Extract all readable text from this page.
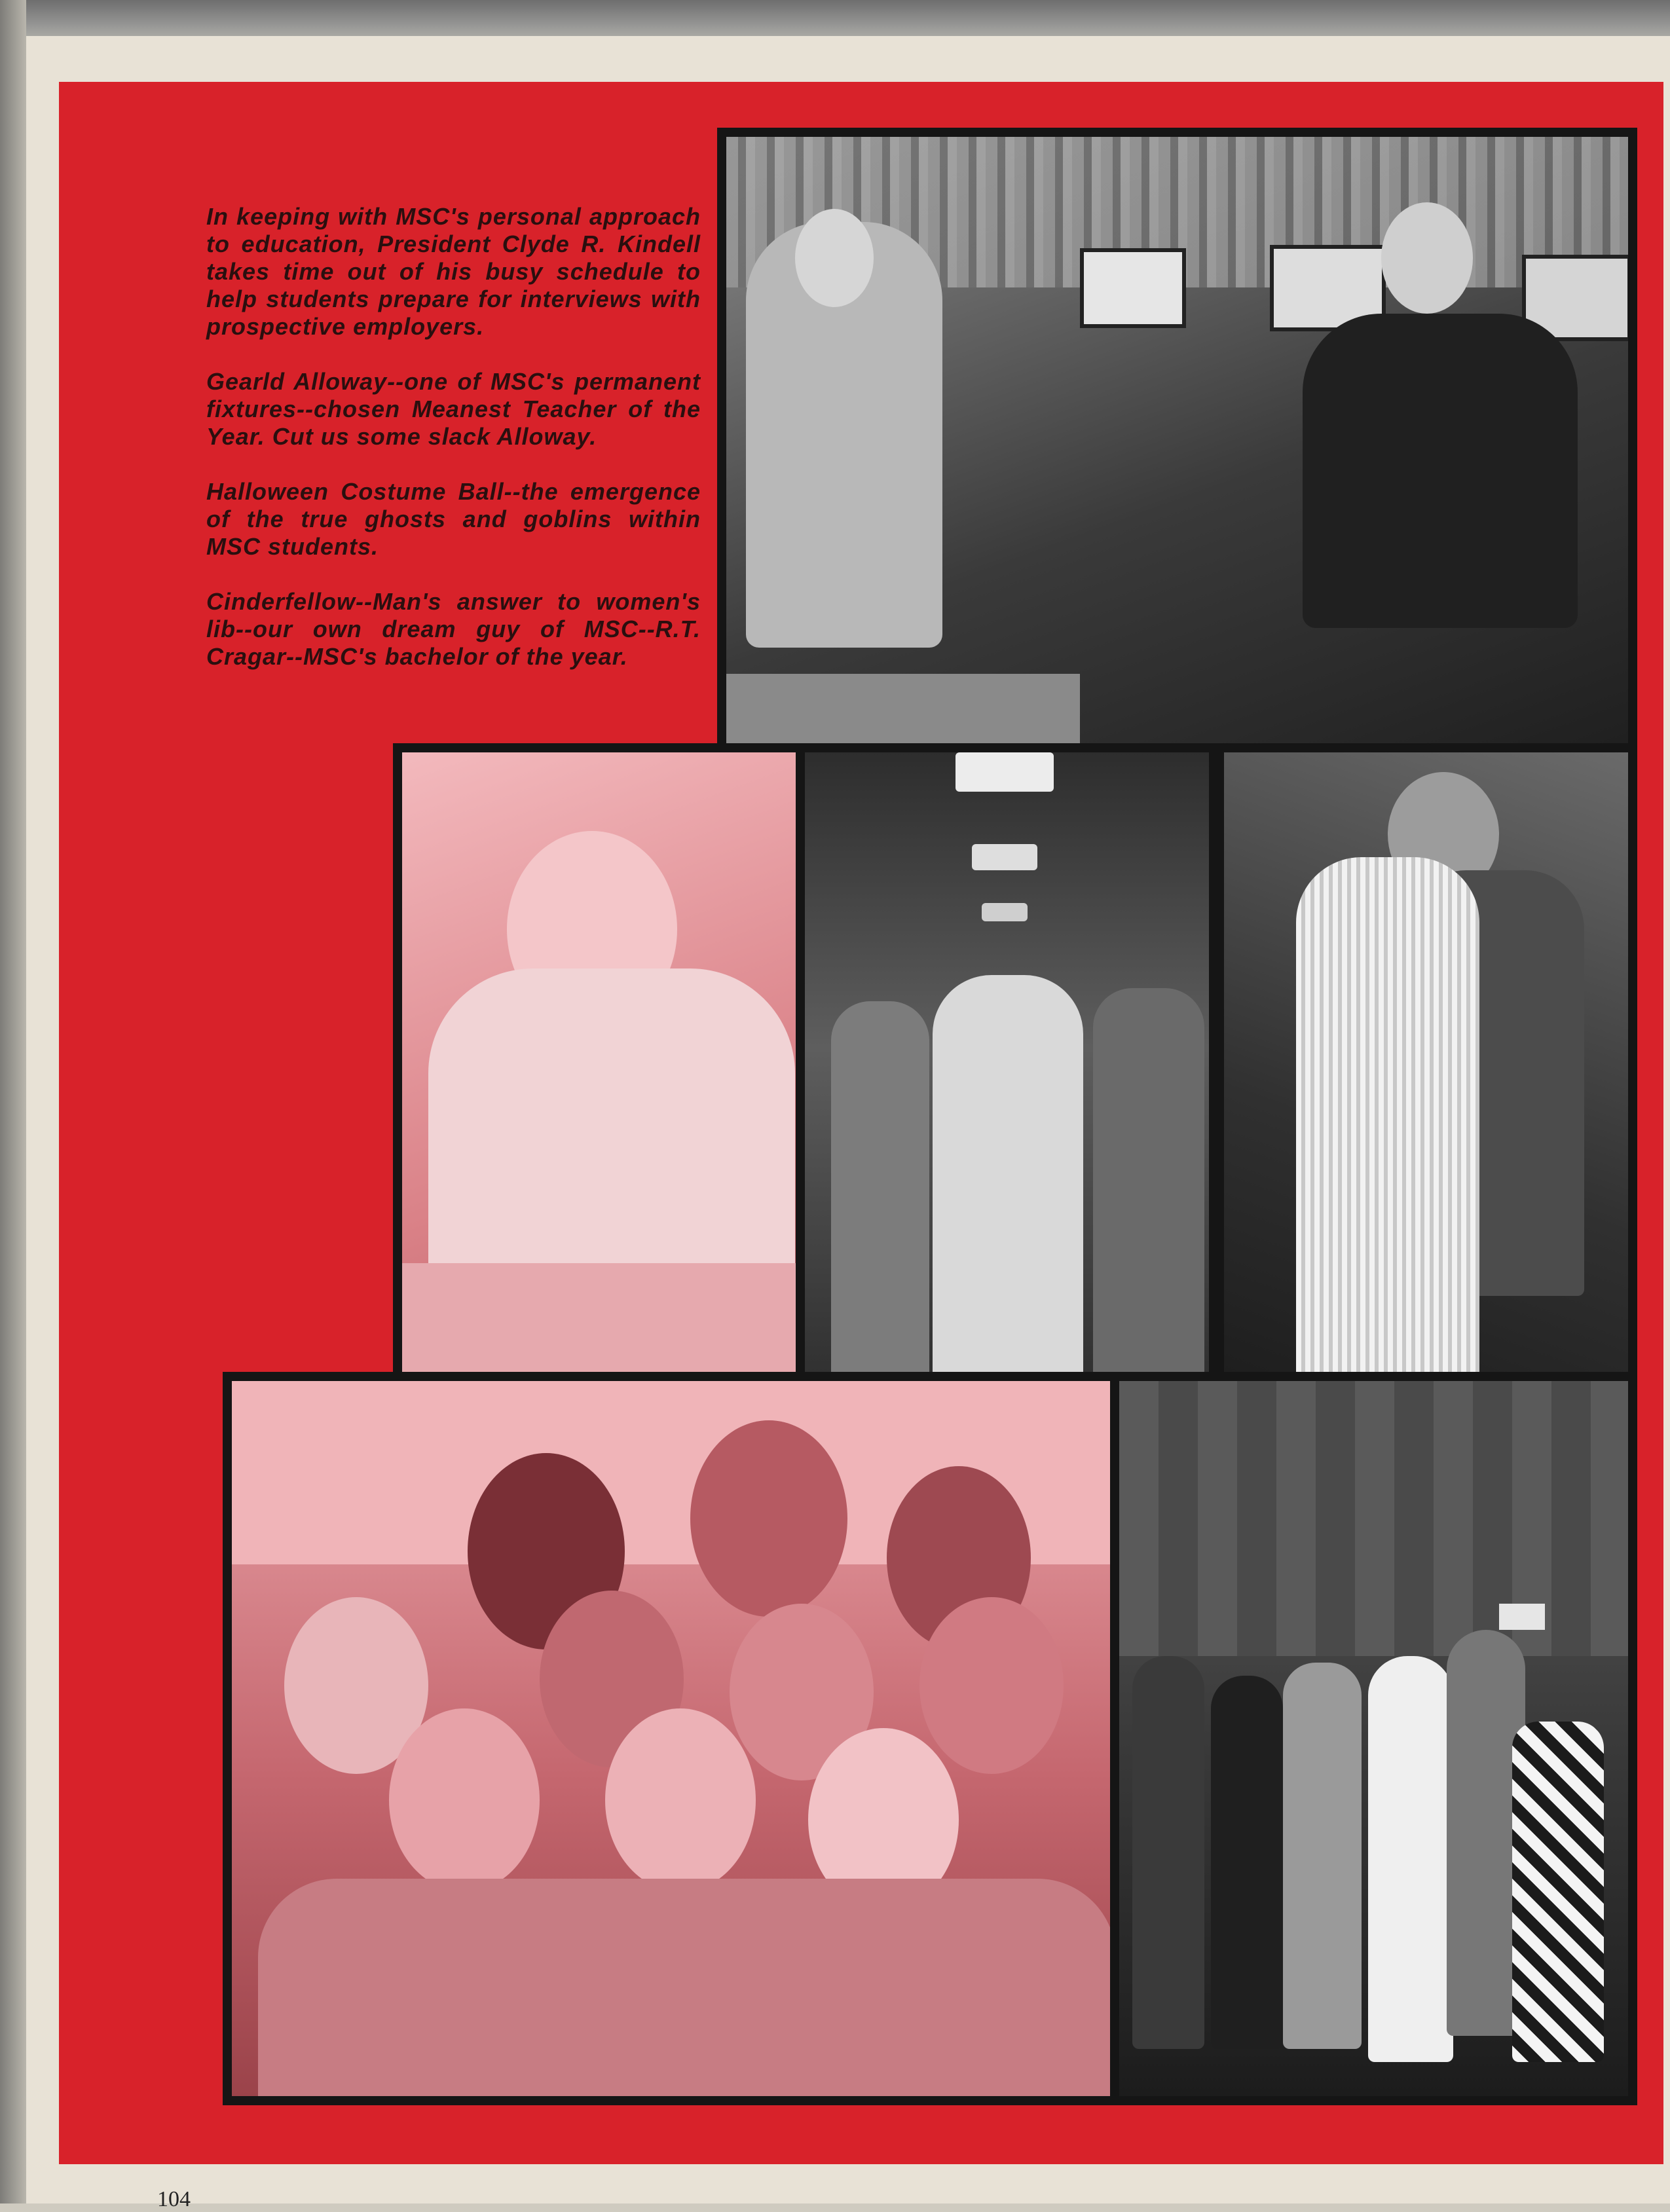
In keeping with MSC's personal approach to education, President Clyde R. Kindell takes time out of his busy schedule to help students prepare for interviews with prospective employers.

Gearld Alloway--one of MSC's permanent fixtures--chosen Meanest Teacher of the Year. Cut us some slack Alloway.

Halloween Costume Ball--the emergence of the true ghosts and goblins within MSC students.

Cinderfellow--Man's answer to women's lib--our own dream guy of MSC--R.T. Cragar--MSC's bachelor of the year.

104
